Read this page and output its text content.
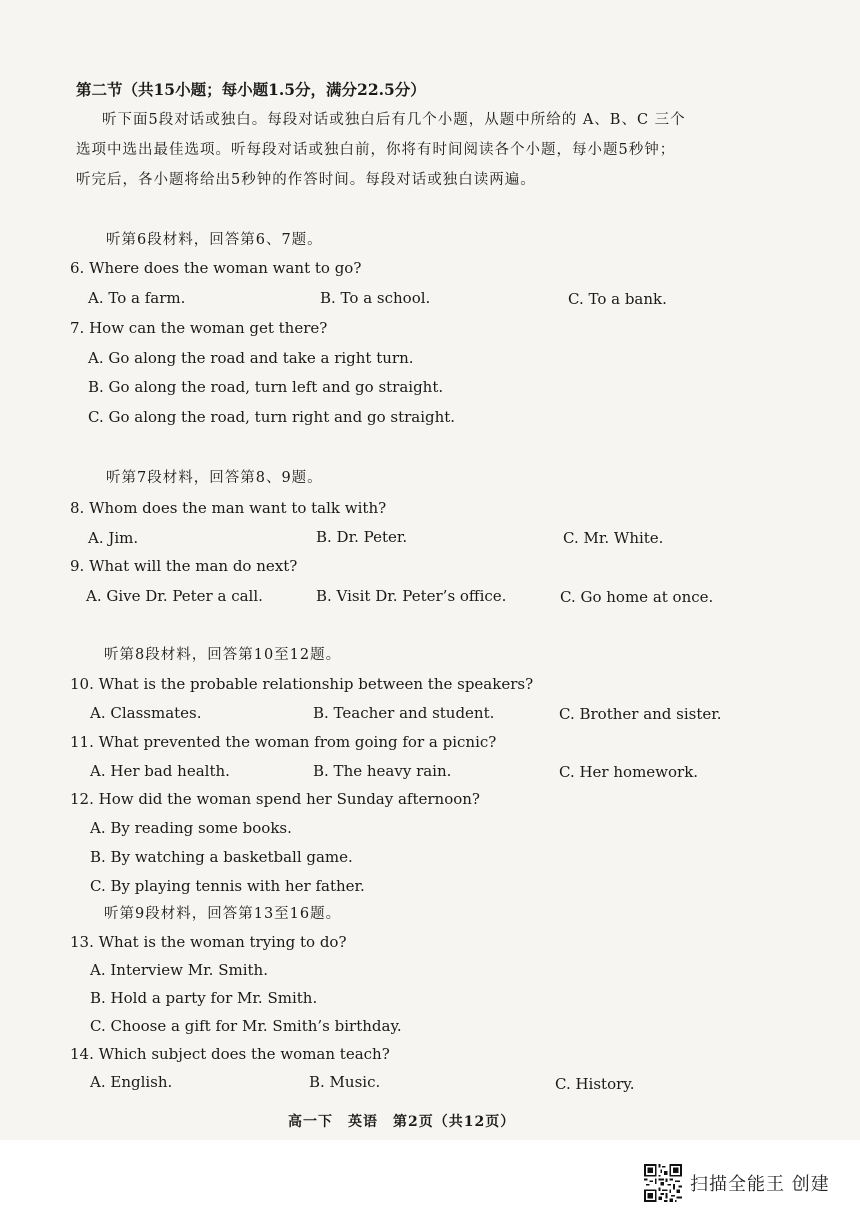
第二节（共15小题；每小题1.5分，满分22.5分）
听下面5段对话或独白。每段对话或独白后有几个小题，从题中所给的 A、B、C 三个
选项中选出最佳选项。听每段对话或独白前，你将有时间阅读各个小题，每小题5秒钟；
听完后，各小题将给出5秒钟的作答时间。每段对话或独白读两遍。
听第6段材料，回答第6、7题。
6. Where does the woman want to go?
A. To a farm.	B. To a school.	C. To a bank.
7. How can the woman get there?
A. Go along the road and take a right turn.
B. Go along the road, turn left and go straight.
C. Go along the road, turn right and go straight.
听第7段材料，回答第8、9题。
8. Whom does the man want to talk with?
A. Jim.	B. Dr. Peter.	C. Mr. White.
9. What will the man do next?
A. Give Dr. Peter a call.	B. Visit Dr. Peter’s office.	C. Go home at once.
听第8段材料，回答第10至12题。
10. What is the probable relationship between the speakers?
A. Classmates.	B. Teacher and student.	C. Brother and sister.
11. What prevented the woman from going for a picnic?
A. Her bad health.	B. The heavy rain.	C. Her homework.
12. How did the woman spend her Sunday afternoon?
A. By reading some books.
B. By watching a basketball game.
C. By playing tennis with her father.
听第9段材料，回答第13至16题。
13. What is the woman trying to do?
A. Interview Mr. Smith.
B. Hold a party for Mr. Smith.
C. Choose a gift for Mr. Smith’s birthday.
14. Which subject does the woman teach?
A. English.	B. Music.	C. History.
高一下　英语　第2页（共12页）
扫描全能王 创建
